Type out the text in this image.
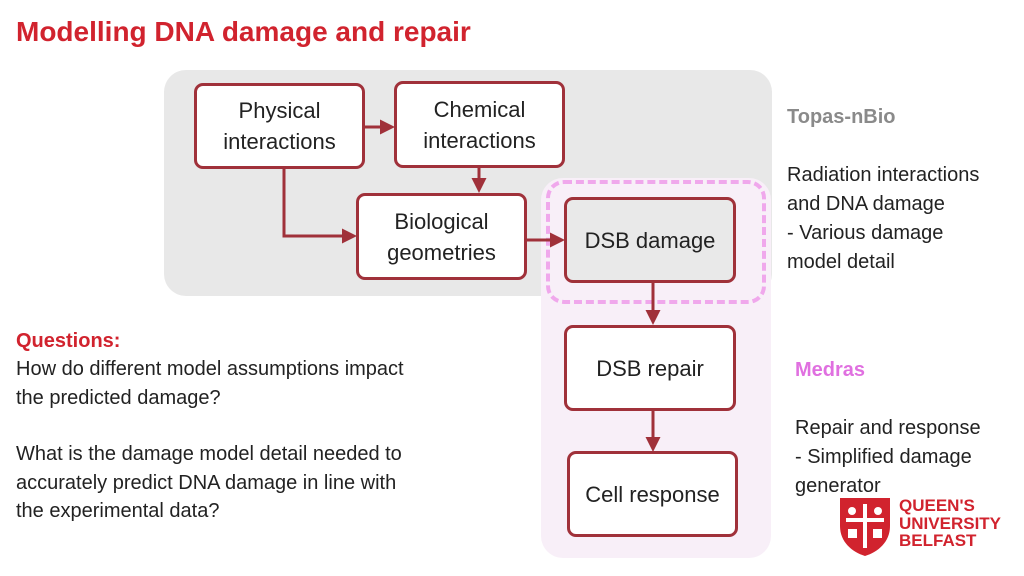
Modelling DNA damage and repair
Physical
interactions
Chemical
interactions
Biological
geometries	DSB damage
DSB repair
Cell response

Topas-nBio

Radiation interactions
and DNA damage
- Various damage
model detail

Medras

Repair and response
- Simplified damage
generator

Questions:
How do different model assumptions impact
the predicted damage?
What is the damage model detail needed to
accurately predict DNA damage in line with
the experimental data?	QUEEN'S
UNIVERSITY
BELFAST
